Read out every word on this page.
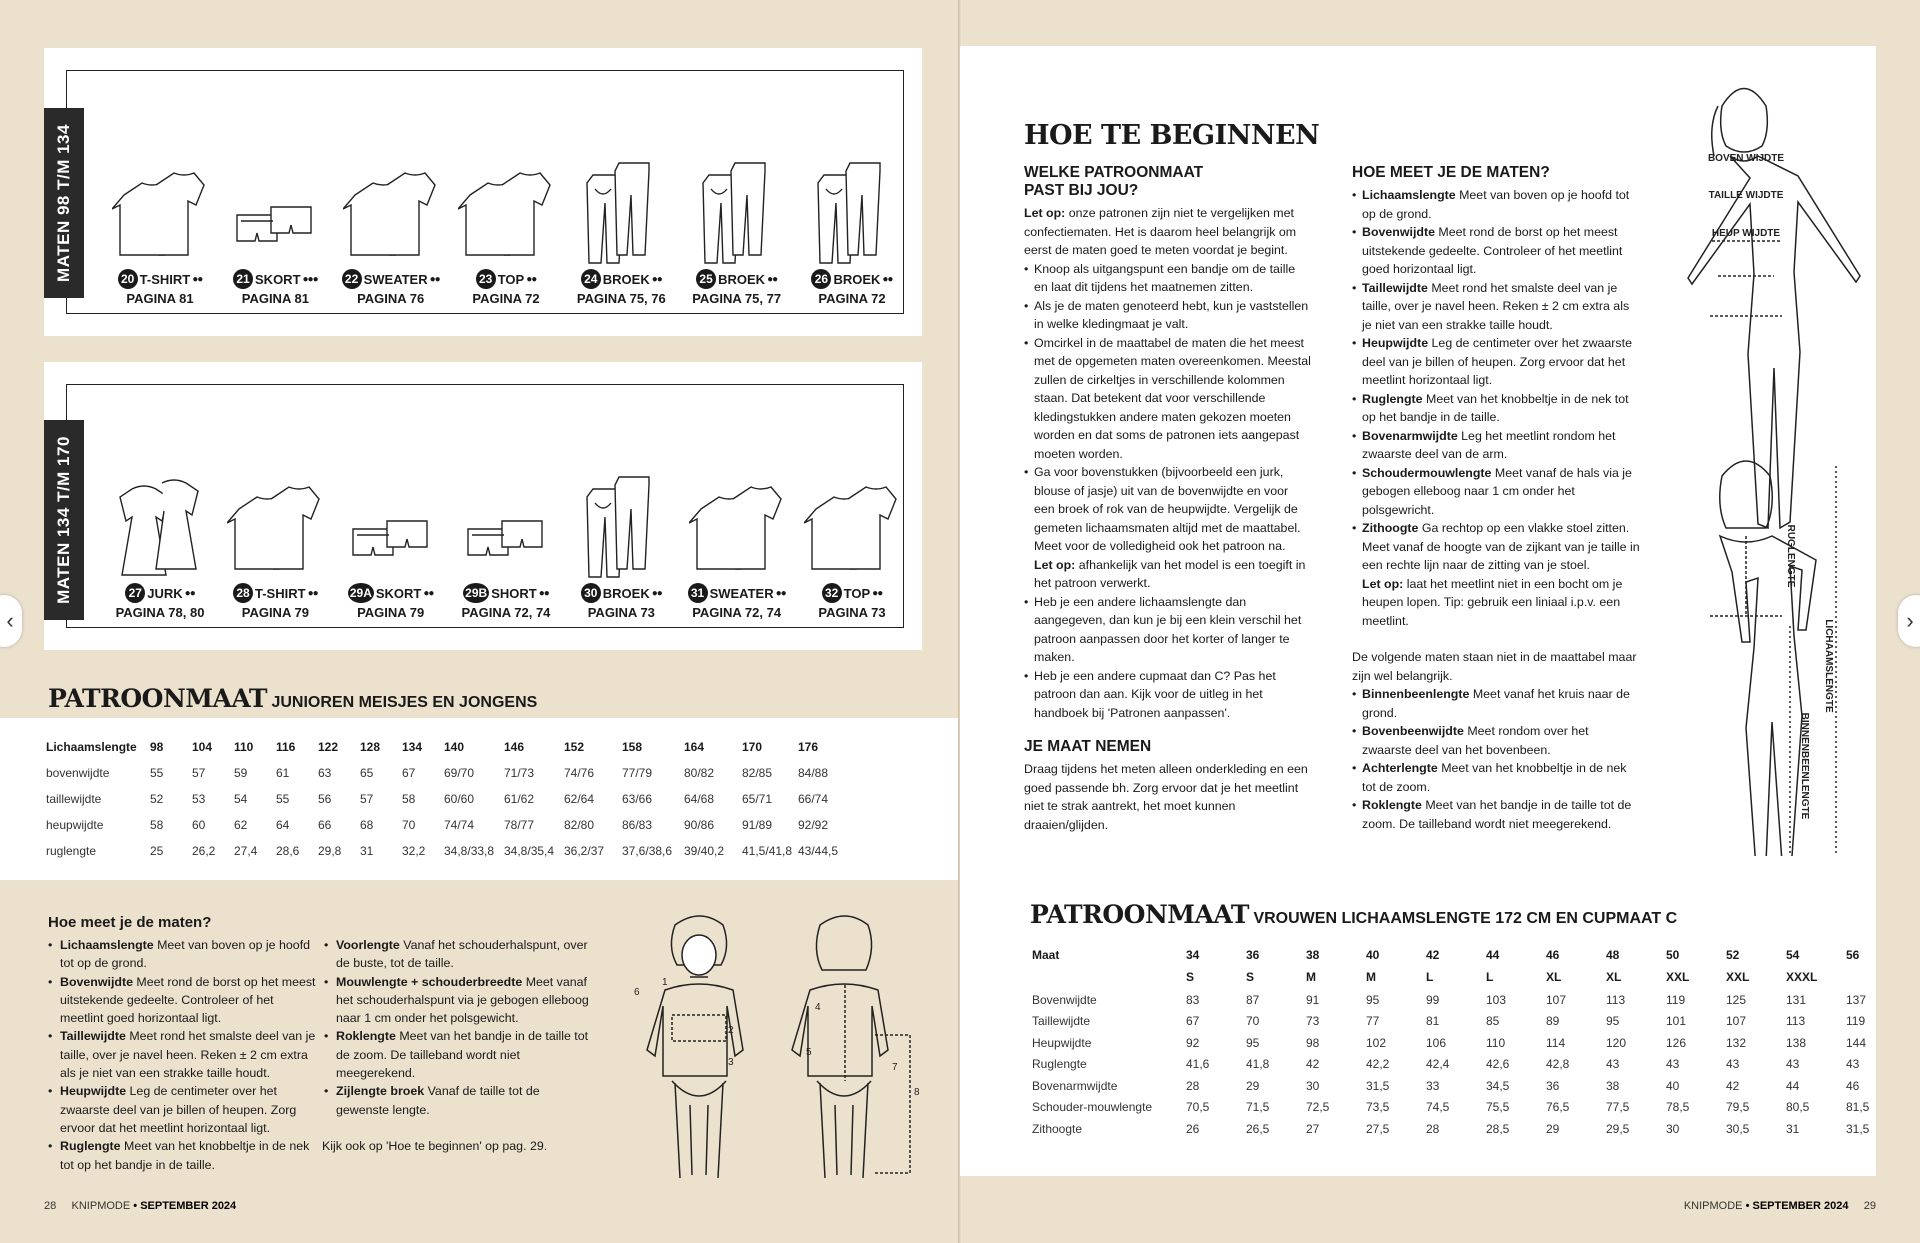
MATEN 98 T/M 134	20 T-SHIRT ●●
PAGINA 81
21 SKORT ●●●
PAGINA 81
22 SWEATER ●●
PAGINA 76
23 TOP ●●
PAGINA 72
24 BROEK ●●
PAGINA 75, 76
25 BROEK ●●
PAGINA 75, 77
26 BROEK ●●
PAGINA 72
MATEN 134 T/M 170	27 JURK ●●
PAGINA 78, 80
28 T-SHIRT ●●
PAGINA 79
29A SKORT ●●
PAGINA 79
29B SHORT ●●
PAGINA 72, 74
30 BROEK ●●
PAGINA 73
31 SWEATER ●●
PAGINA 72, 74
32 TOP ●●
PAGINA 73
PATROONMAAT JUNIOREN MEISJES EN JONGENS
Lichaamslengte	98	104	110	116	122	128	134	140	146	152	158	164	170	176
bovenwijdte	55	57	59	61	63	65	67	69/70	71/73	74/76	77/79	80/82	82/85	84/88
taillewijdte	52	53	54	55	56	57	58	60/60	61/62	62/64	63/66	64/68	65/71	66/74
heupwijdte	58	60	62	64	66	68	70	74/74	78/77	82/80	86/83	90/86	91/89	92/92
ruglengte	25	26,2	27,4	28,6	29,8	31	32,2	34,8/33,8	34,8/35,4	36,2/37	37,6/38,6	39/40,2	41,5/41,8	43/44,5
Hoe meet je de maten?
• Lichaamslengte Meet van boven op je hoofd tot op de grond.
• Bovenwijdte Meet rond de borst op het meest uitstekende gedeelte. Controleer of het meetlint goed horizontaal ligt.
• Taillewijdte Meet rond het smalste deel van je taille, over je navel heen. Reken ± 2 cm extra als je niet van een strakke taille houdt.
• Heupwijdte Leg de centimeter over het zwaarste deel van je billen of heupen. Zorg ervoor dat het meetlint horizontaal ligt.
• Ruglengte Meet van het knobbeltje in de nek tot op het bandje in de taille.
• Voorlengte Vanaf het schouderhalspunt, over de buste, tot de taille.
• Mouwlengte + schouderbreedte Meet vanaf het schouderhalspunt via je gebogen elleboog naar 1 cm onder het polsgewicht.
• Roklengte Meet van het bandje in de taille tot de zoom. De tailleband wordt niet meegerekend.
• Zijlengte broek Vanaf de taille tot de gewenste lengte.
Kijk ook op 'Hoe te beginnen' op pag. 29.
1
2
3
4
5
6
7
8
28 KNIPMODE • SEPTEMBER 2024
HOE TE BEGINNEN
WELKE PATROONMAAT PAST BIJ JOU?
Let op: onze patronen zijn niet te vergelijken met confectiematen. Het is daarom heel belangrijk om eerst de maten goed te meten voordat je begint.
• Knoop als uitgangspunt een bandje om de taille en laat dit tijdens het maatnemen zitten.
• Als je de maten genoteerd hebt, kun je vaststellen in welke kledingmaat je valt.
• Omcirkel in de maattabel de maten die het meest met de opgemeten maten overeenkomen. Meestal zullen de cirkeltjes in verschillende kolommen staan. Dat betekent dat voor verschillende kledingstukken andere maten gekozen moeten worden en dat soms de patronen iets aangepast moeten worden.
• Ga voor bovenstukken (bijvoorbeeld een jurk, blouse of jasje) uit van de bovenwijdte en voor een broek of rok van de heupwijdte. Vergelijk de gemeten lichaamsmaten altijd met de maattabel. Meet voor de volledigheid ook het patroon na.
Let op: afhankelijk van het model is een toegift in het patroon verwerkt.
• Heb je een andere lichaamslengte dan aangegeven, dan kun je bij een klein verschil het patroon aanpassen door het korter of langer te maken.
• Heb je een andere cupmaat dan C? Pas het patroon dan aan. Kijk voor de uitleg in het handboek bij 'Patronen aanpassen'.
JE MAAT NEMEN
Draag tijdens het meten alleen onderkleding en een goed passende bh. Zorg ervoor dat je het meetlint niet te strak aantrekt, het moet kunnen draaien/glijden.
HOE MEET JE DE MATEN?
• Lichaamslengte Meet van boven op je hoofd tot op de grond.
• Bovenwijdte Meet rond de borst op het meest uitstekende gedeelte. Controleer of het meetlint goed horizontaal ligt.
• Taillewijdte Meet rond het smalste deel van je taille, over je navel heen. Reken ± 2 cm extra als je niet van een strakke taille houdt.
• Heupwijdte Leg de centimeter over het zwaarste deel van je billen of heupen. Zorg ervoor dat het meetlint horizontaal ligt.
• Ruglengte Meet van het knobbeltje in de nek tot op het bandje in de taille.
• Bovenarmwijdte Leg het meetlint rondom het zwaarste deel van de arm.
• Schoudermouwlengte Meet vanaf de hals via je gebogen elleboog naar 1 cm onder het polsgewricht.
• Zithoogte Ga rechtop op een vlakke stoel zitten. Meet vanaf de hoogte van de zijkant van je taille in een rechte lijn naar de zitting van je stoel.
Let op: laat het meetlint niet in een bocht om je heupen lopen. Tip: gebruik een liniaal i.p.v. een meetlint.
De volgende maten staan niet in de maattabel maar zijn wel belangrijk.
• Binnenbeenlengte Meet vanaf het kruis naar de grond.
• Bovenbeenwijdte Meet rondom over het zwaarste deel van het bovenbeen.
• Achterlengte Meet van het knobbeltje in de nek tot de zoom.
• Roklengte Meet van het bandje in de taille tot de zoom. De tailleband wordt niet meegerekend.
BOVEN WIJDTE
TAILLE WIJDTE
HEUP WIJDTE
RUGLENGTE
LICHAAMSLENGTE
BINNENBEENLENGTE
PATROONMAAT VROUWEN LICHAAMSLENGTE 172 CM EN CUPMAAT C
Maat	34	36	38	40	42	44	46	48	50	52	54	56
	S	S	M	M	L	L	XL	XL	XXL	XXL	XXXL	
Bovenwijdte	83	87	91	95	99	103	107	113	119	125	131	137
Taillewijdte	67	70	73	77	81	85	89	95	101	107	113	119
Heupwijdte	92	95	98	102	106	110	114	120	126	132	138	144
Ruglengte	41,6	41,8	42	42,2	42,4	42,6	42,8	43	43	43	43	43
Bovenarmwijdte	28	29	30	31,5	33	34,5	36	38	40	42	44	46
Schouder-mouwlengte	70,5	71,5	72,5	73,5	74,5	75,5	76,5	77,5	78,5	79,5	80,5	81,5
Zithoogte	26	26,5	27	27,5	28	28,5	29	29,5	30	30,5	31	31,5
KNIPMODE • SEPTEMBER 2024 29
‹	›
